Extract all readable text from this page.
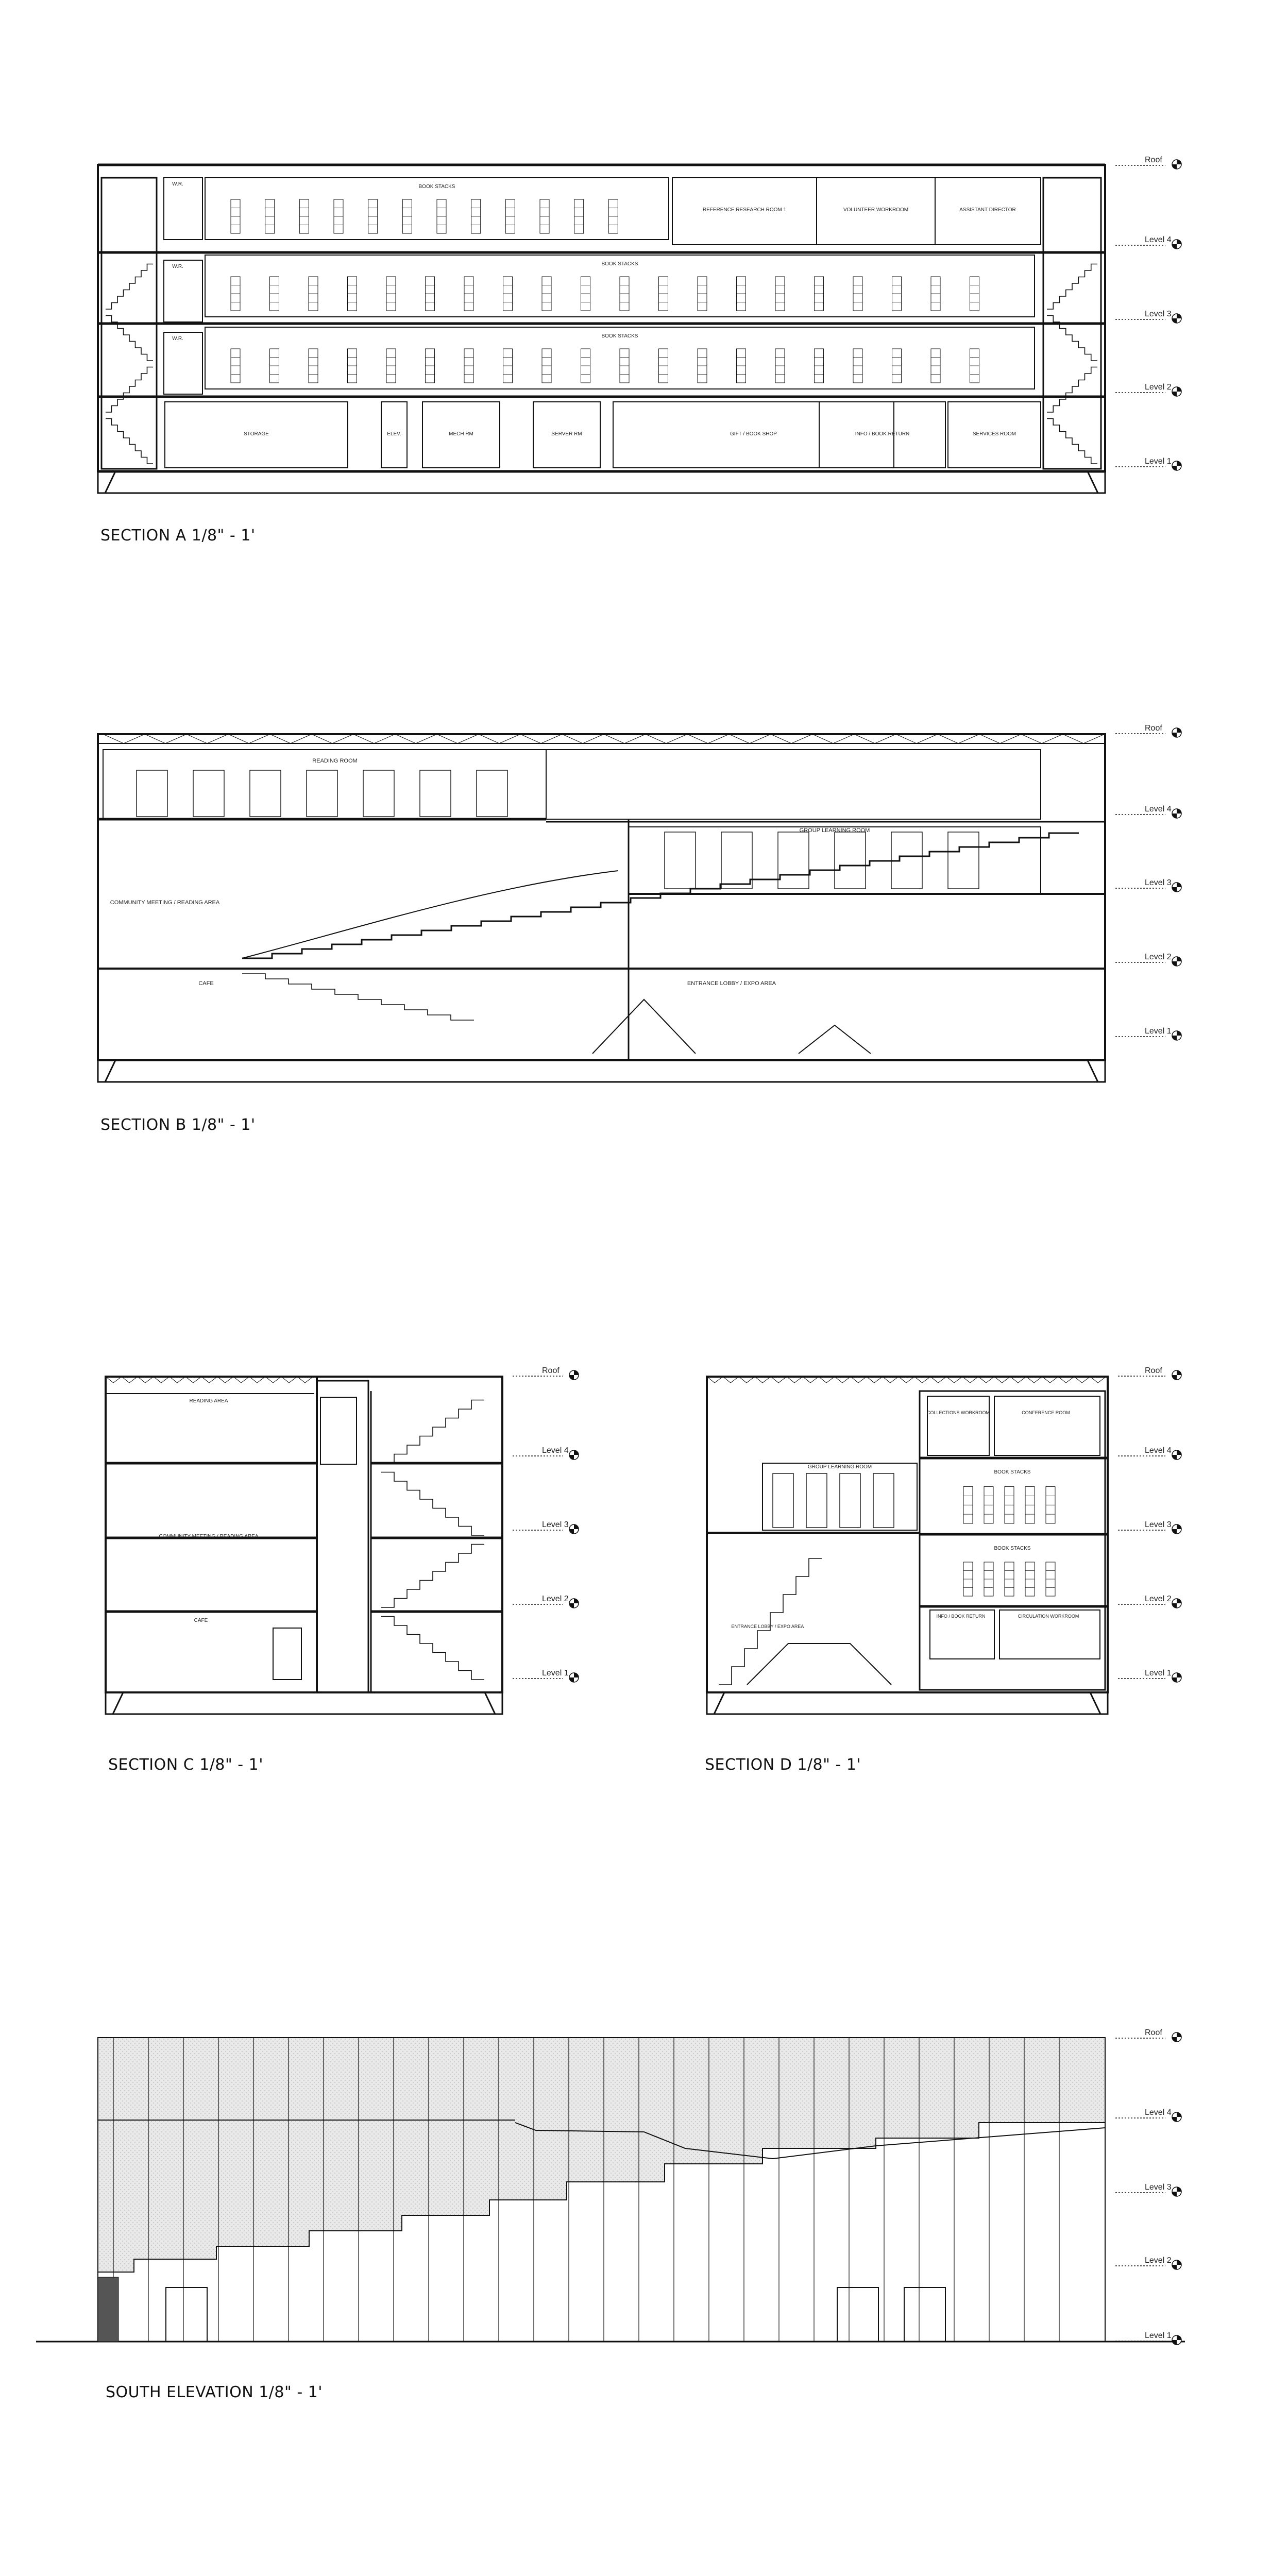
W.R.
W.R.
W.R.
BOOK STACKS
BOOK STACKS
BOOK STACKS
REFERENCE RESEARCH ROOM 1	VOLUNTEER WORKROOM	ASSISTANT DIRECTOR
STORAGE	ELEV.	MECH RM	SERVER RM	GIFT / BOOK SHOP	INFO / BOOK RETURN	SERVICES ROOM
Roof
Level 4
Level 3
Level 2
Level 1
READING ROOM
GROUP LEARNING ROOM
COMMUNITY MEETING / READING AREA
CAFE	ENTRANCE LOBBY / EXPO AREA
Roof
Level 4
Level 3
Level 2
Level 1
READING AREA
COMMUNITY MEETING / READING AREA
CAFE
Roof
Level 4
Level 3
Level 2
Level 1
COLLECTIONS WORKROOM	CONFERENCE ROOM
GROUP LEARNING ROOM
BOOK STACKS
BOOK STACKS
INFO / BOOK RETURN	CIRCULATION WORKROOM
ENTRANCE LOBBY / EXPO AREA
Roof
Level 4
Level 3
Level 2
Level 1
Roof
Level 4
Level 3
Level 2
Level 1
SECTION A 1/8" - 1'
SECTION B 1/8" - 1'
SECTION C 1/8" - 1'	SECTION D 1/8" - 1'
SOUTH ELEVATION 1/8" - 1'
